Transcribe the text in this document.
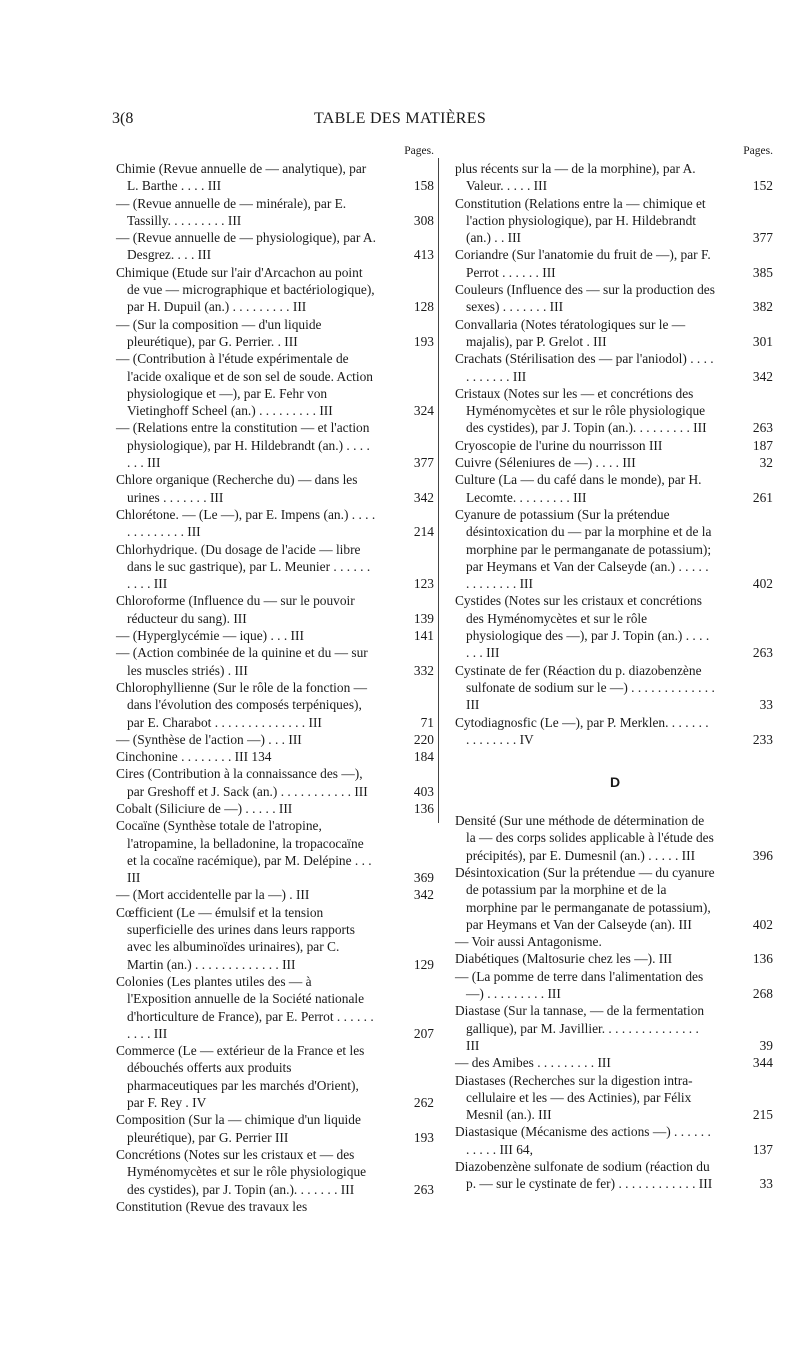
3(8	TABLE DES MATIÈRES
Pages.

Chimie (Revue annuelle de — analytique), par L. Barthe . . . . III	158

— (Revue annuelle de — minérale), par E. Tassilly. . . . . . . . . III	308

— (Revue annuelle de — physiologique), par A. Desgrez. . . . III	413

Chimique (Etude sur l'air d'Arcachon au point de vue — micrographique et bactériologique), par H. Dupuil (an.) . . . . . . . . . III	128

— (Sur la composition — d'un liquide pleurétique), par G. Perrier. . III	193

— (Contribution à l'étude expérimentale de l'acide oxalique et de son sel de soude. Action physiologique et —), par E. Fehr von Vietinghoff Scheel (an.) . . . . . . . . . III	324

— (Relations entre la constitution — et l'action physiologique), par H. Hildebrandt (an.) . . . . . . . III	377

Chlore organique (Recherche du) — dans les urines . . . . . . . III	342

Chlorétone. — (Le —), par E. Impens (an.) . . . . . . . . . . . . . III	214

Chlorhydrique. (Du dosage de l'acide — libre dans le suc gastrique), par L. Meunier . . . . . . . . . . III	123

Chloroforme (Influence du — sur le pouvoir réducteur du sang). III	139

— (Hyperglycémie — ique) . . . III	141

— (Action combinée de la quinine et du — sur les muscles striés) . III	332

Chlorophyllienne (Sur le rôle de la fonction — dans l'évolution des composés terpéniques), par E. Charabot . . . . . . . . . . . . . . III	71

— (Synthèse de l'action —) . . . III	220

Cinchonine . . . . . . . . III 134	184

Cires (Contribution à la connaissance des —), par Greshoff et J. Sack (an.) . . . . . . . . . . . III	403

Cobalt (Siliciure de —) . . . . . III	136

Cocaïne (Synthèse totale de l'atropine, l'atropamine, la belladonine, la tropacocaïne et la cocaïne racémique), par M. Delépine . . . III	369

— (Mort accidentelle par la —) . III	342

Cœfficient (Le — émulsif et la tension superficielle des urines dans leurs rapports avec les albuminoïdes urinaires), par C. Martin (an.) . . . . . . . . . . . . . III	129

Colonies (Les plantes utiles des — à l'Exposition annuelle de la Société nationale d'horticulture de France), par E. Perrot . . . . . . . . . . III	207

Commerce (Le — extérieur de la France et les débouchés offerts aux produits pharmaceutiques par les marchés d'Orient), par F. Rey . IV	262

Composition (Sur la — chimique d'un liquide pleurétique), par G. Perrier III	193

Concrétions (Notes sur les cristaux et — des Hyménomycètes et sur le rôle physiologique des cystides), par J. Topin (an.). . . . . . . III	263

Constitution (Revue des travaux les

Pages.

plus récents sur la — de la morphine), par A. Valeur. . . . . III	152

Constitution (Relations entre la — chimique et l'action physiologique), par H. Hildebrandt (an.) . . III	377

Coriandre (Sur l'anatomie du fruit de —), par F. Perrot . . . . . . III	385

Couleurs (Influence des — sur la production des sexes) . . . . . . . III	382

Convallaria (Notes tératologiques sur le — majalis), par P. Grelot . III	301

Crachats (Stérilisation des — par l'aniodol) . . . . . . . . . . . III	342

Cristaux (Notes sur les — et concrétions des Hyménomycètes et sur le rôle physiologique des cystides), par J. Topin (an.). . . . . . . . . III	263

Cryoscopie de l'urine du nourrisson III	187

Cuivre (Séleniures de —) . . . . III	32

Culture (La — du café dans le monde), par H. Lecomte. . . . . . . . . III	261

Cyanure de potassium (Sur la prétendue désintoxication du — par la morphine et de la morphine par le permanganate de potassium); par Heymans et Van der Calseyde (an.) . . . . . . . . . . . . . III	402

Cystides (Notes sur les cristaux et concrétions des Hyménomycètes et sur le rôle physiologique des —), par J. Topin (an.) . . . . . . . III	263

Cystinate de fer (Réaction du p. diazobenzène sulfonate de sodium sur le —) . . . . . . . . . . . . . III	33

Cytodiagnosfic (Le —), par P. Merklen. . . . . . . . . . . . . . . IV	233

D

Densité (Sur une méthode de détermination de la — des corps solides applicable à l'étude des précipités), par E. Dumesnil (an.) . . . . . III	396

Désintoxication (Sur la prétendue — du cyanure de potassium par la morphine et de la morphine par le permanganate de potassium), par Heymans et Van der Calseyde (an). III	402

— Voir aussi Antagonisme.

Diabétiques (Maltosurie chez les —). III	136

— (La pomme de terre dans l'alimentation des —) . . . . . . . . . III	268

Diastase (Sur la tannase, — de la fermentation gallique), par M. Javillier. . . . . . . . . . . . . . . III	39

— des Amibes . . . . . . . . . III	344

Diastases (Recherches sur la digestion intra-cellulaire et les — des Actinies), par Félix Mesnil (an.). III	215

Diastasique (Mécanisme des actions —) . . . . . . . . . . . III 64,	137

Diazobenzène sulfonate de sodium (réaction du p. — sur le cystinate de fer) . . . . . . . . . . . . III	33
